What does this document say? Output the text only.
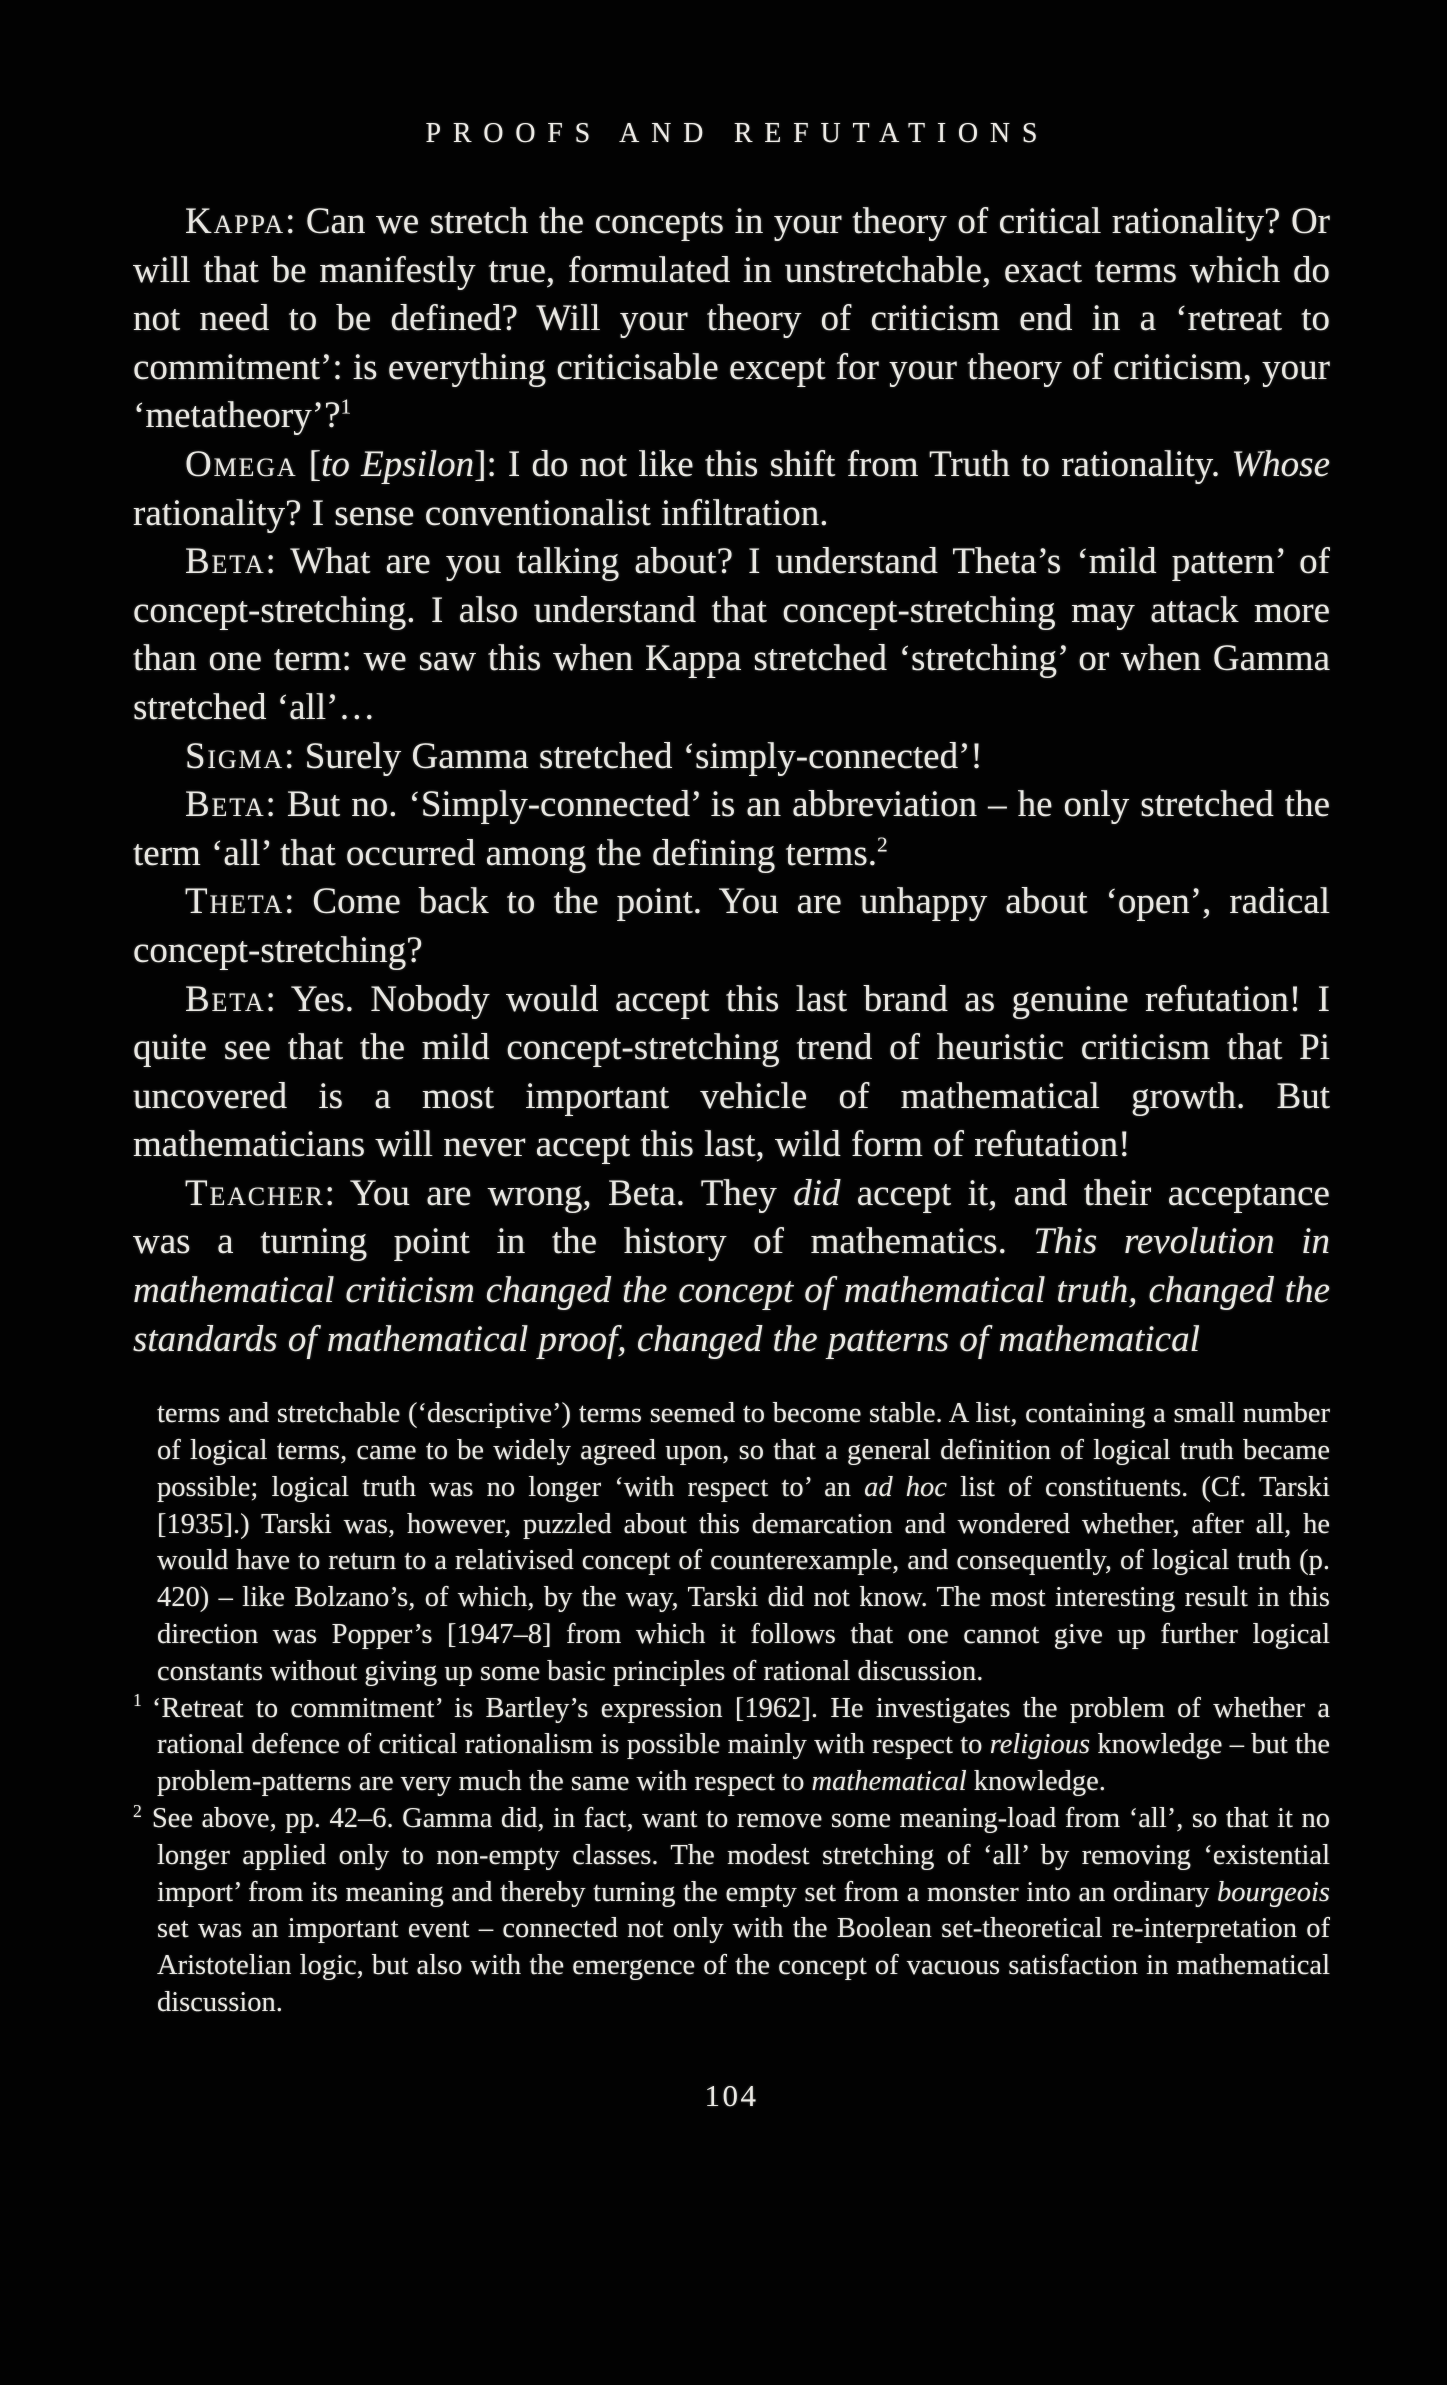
PROOFS AND REFUTATIONS

Kappa: Can we stretch the concepts in your theory of critical rationality? Or will that be manifestly true, formulated in unstretchable, exact terms which do not need to be defined? Will your theory of criticism end in a ‘retreat to commitment’: is everything criticisable except for your theory of criticism, your ‘metatheory’?$^1$

Omega [to Epsilon]: I do not like this shift from Truth to rationality. Whose rationality? I sense conventionalist infiltration.

Beta: What are you talking about? I understand Theta’s ‘mild pattern’ of concept-stretching. I also understand that concept-stretching may attack more than one term: we saw this when Kappa stretched ‘stretching’ or when Gamma stretched ‘all’…

Sigma: Surely Gamma stretched ‘simply-connected’!

Beta: But no. ‘Simply-connected’ is an abbreviation – he only stretched the term ‘all’ that occurred among the defining terms.$^2$

Theta: Come back to the point. You are unhappy about ‘open’, radical concept-stretching?

Beta: Yes. Nobody would accept this last brand as genuine refutation! I quite see that the mild concept-stretching trend of heuristic criticism that Pi uncovered is a most important vehicle of mathematical growth. But mathematicians will never accept this last, wild form of refutation!

Teacher: You are wrong, Beta. They did accept it, and their acceptance was a turning point in the history of mathematics. This revolution in mathematical criticism changed the concept of mathematical truth, changed the standards of mathematical proof, changed the patterns of mathematical

terms and stretchable (‘descriptive’) terms seemed to become stable. A list, containing a small number of logical terms, came to be widely agreed upon, so that a general definition of logical truth became possible; logical truth was no longer ‘with respect to’ an ad hoc list of constituents. (Cf. Tarski [1935].) Tarski was, however, puzzled about this demarcation and wondered whether, after all, he would have to return to a relativised concept of counterexample, and consequently, of logical truth (p. 420) – like Bolzano’s, of which, by the way, Tarski did not know. The most interesting result in this direction was Popper’s [1947–8] from which it follows that one cannot give up further logical constants without giving up some basic principles of rational discussion.

$^1$ ‘Retreat to commitment’ is Bartley’s expression [1962]. He investigates the problem of whether a rational defence of critical rationalism is possible mainly with respect to religious knowledge – but the problem-patterns are very much the same with respect to mathematical knowledge.

$^2$ See above, pp. 42–6. Gamma did, in fact, want to remove some meaning-load from ‘all’, so that it no longer applied only to non-empty classes. The modest stretching of ‘all’ by removing ‘existential import’ from its meaning and thereby turning the empty set from a monster into an ordinary bourgeois set was an important event – connected not only with the Boolean set-theoretical re-interpretation of Aristotelian logic, but also with the emergence of the concept of vacuous satisfaction in mathematical discussion.

104
